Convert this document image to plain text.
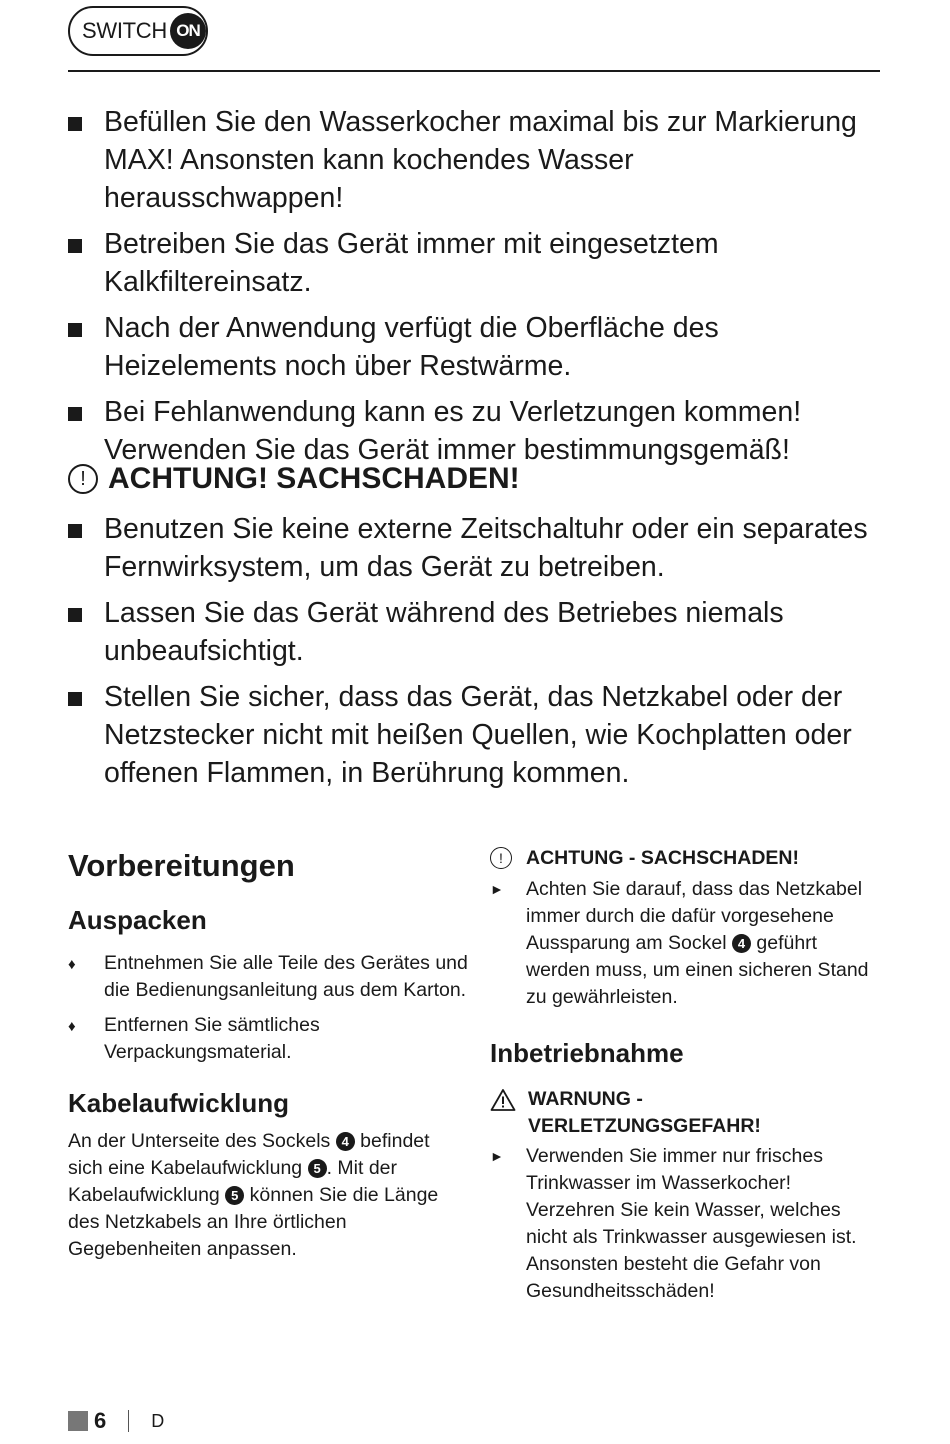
SWITCH ON
Befüllen Sie den Wasserkocher maximal bis zur Markierung MAX! Ansonsten kann kochendes Wasser herausschwappen!
Betreiben Sie das Gerät immer mit eingesetztem Kalkfiltereinsatz.
Nach der Anwendung verfügt die Oberfläche des Heizelements noch über Restwärme.
Bei Fehlanwendung kann es zu Verletzungen kommen! Verwenden Sie das Gerät immer bestimmungsgemäß!
! ACHTUNG! SACHSCHADEN!
Benutzen Sie keine externe Zeitschaltuhr oder ein separates Fernwirksystem, um das Gerät zu betreiben.
Lassen Sie das Gerät während des Betriebes niemals unbeaufsichtigt.
Stellen Sie sicher, dass das Gerät, das Netzkabel oder der Netzstecker nicht mit heißen Quellen, wie Kochplatten oder offenen Flammen, in Berührung kommen.
Vorbereitungen
Auspacken
♦ Entnehmen Sie alle Teile des Gerätes und die Bedienungsanleitung aus dem Karton.
♦ Entfernen Sie sämtliches Verpackungsmaterial.
Kabelaufwicklung
An der Unterseite des Sockels 4 befindet sich eine Kabelaufwicklung 5 . Mit der Kabelaufwicklung 5 können Sie die Länge des Netzkabels an Ihre örtlichen Gegebenheiten anpassen.
!	ACHTUNG - SACHSCHADEN!
► Achten Sie darauf, dass das Netzkabel immer durch die dafür vorgesehene Aussparung am Sockel 4 geführt werden muss, um einen sicheren Stand zu gewährleisten.
Inbetriebnahme
WARNUNG -
VERLETZUNGSGEFAHR!
► Verwenden Sie immer nur frisches Trinkwasser im Wasserkocher! Verzehren Sie kein Wasser, welches nicht als Trinkwasser ausgewiesen ist. Ansonsten besteht die Gefahr von Gesundheitsschäden!
6	D
